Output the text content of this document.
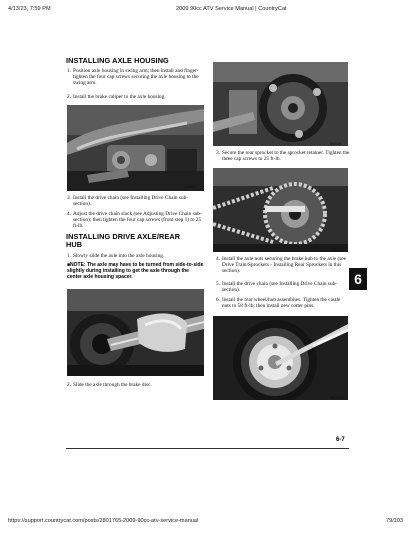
4/13/23, 7:59 PM	2009 90cc ATV Service Manual | CountryCat
INSTALLING AXLE HOUSING
1. Position axle housing in swing arm; then install and finger-tighten the four cap screws securing the axle housing to the swing arm.
2. Install the brake caliper to the axle housing.
KM697
3. Install the drive chain (see Installing Drive Chain sub-section).
4. Adjust the drive chain slack (see Adjusting Drive Chain sub-section); then tighten the four cap screws (from step 1) to 25 ft-lb.
INSTALLING DRIVE AXLE/REAR
HUB
1. Slowly slide the axle into the axle housing.
■NOTE: The axle may have to be turned from side-to-side slightly during installing to get the axle through the center axle housing spacer.
MD2074
2. Slide the axle through the brake disc.
KM236
3. Secure the rear sprocket to the sprocket retainer. Tighten the three cap screws to 25 ft-lb.
YT167A
4. Install the axle nuts securing the brake hub to the axle (see Drive Train/Sprockets - Installing Rear Sprockets in this section).
5. Install the drive chain (see Installing Drive Chain sub-section).
6. Install the rear wheel/hub assemblies. Tighten the castle nuts to 58 ft-lb; then install new cotter pins.
MD2004
6
6-7
https://support.countrycat.com/posts/2801765-2009-90cc-atv-service-manual	79/103
